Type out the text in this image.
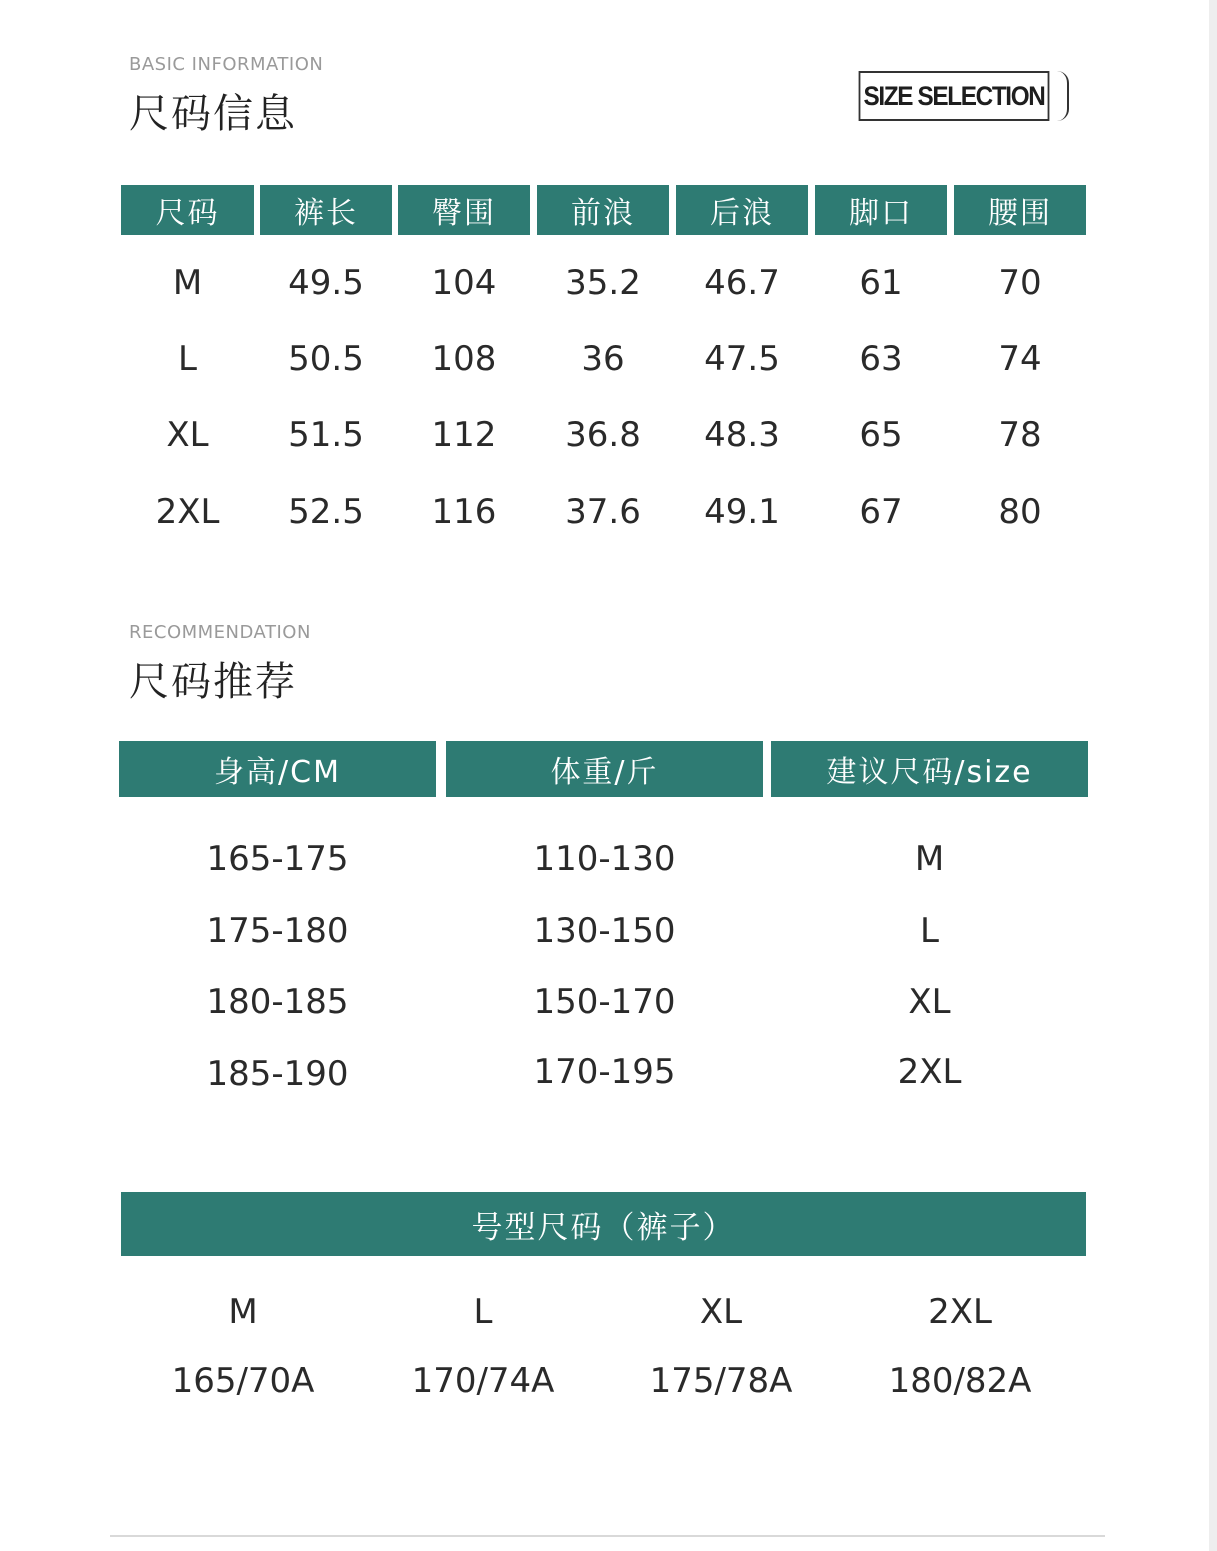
BASIC INFORMATION
尺码信息	SIZE SELECTION
尺码	裤长	臀围	前浪	后浪	脚口	腰围
M	49.5	104	35.2	46.7	61	70
L	50.5	108	36	47.5	63	74
XL	51.5	112	36.8	48.3	65	78
2XL	52.5	116	37.6	49.1	67	80
RECOMMENDATION
尺码推荐
身高/CM	体重/斤	建议尺码/size
165-175	110-130	M
175-180	130-150	L
180-185	150-170	XL
185-190	170-195	2XL
号型尺码（裤子）
M	L	XL	2XL
165/70A	170/74A	175/78A	180/82A
